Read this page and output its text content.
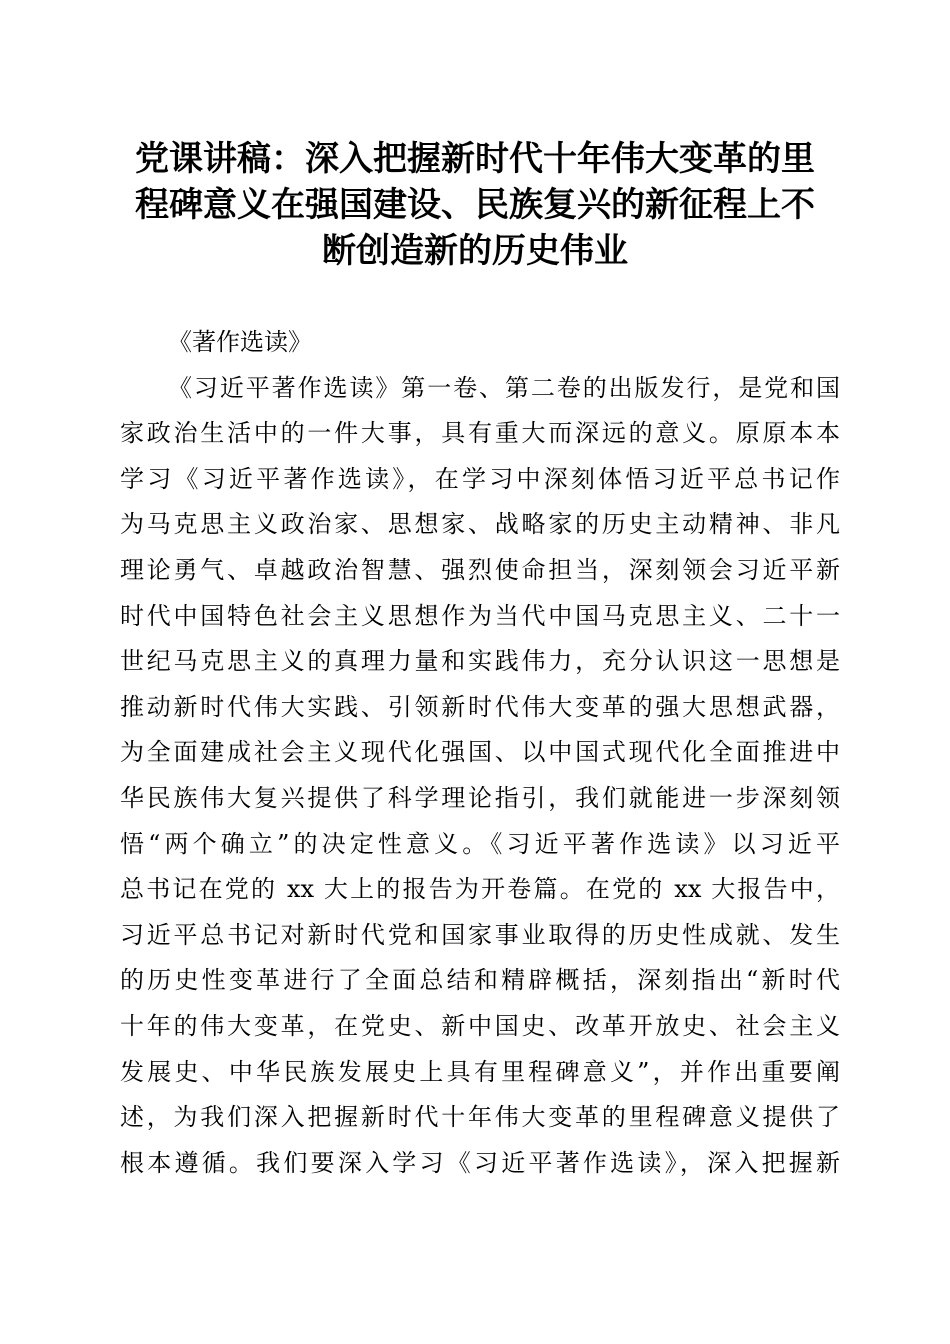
党课讲稿：深入把握新时代十年伟大变革的里
程碑意义在强国建设、民族复兴的新征程上不
断创造新的历史伟业

《著作选读》

《习近平著作选读》第一卷、第二卷的出版发行，是党和国
家政治生活中的一件大事，具有重大而深远的意义。原原本本
学习《习近平著作选读》，在学习中深刻体悟习近平总书记作
为马克思主义政治家、思想家、战略家的历史主动精神、非凡
理论勇气、卓越政治智慧、强烈使命担当，深刻领会习近平新
时代中国特色社会主义思想作为当代中国马克思主义、二十一
世纪马克思主义的真理力量和实践伟力，充分认识这一思想是
推动新时代伟大实践、引领新时代伟大变革的强大思想武器，
为全面建成社会主义现代化强国、以中国式现代化全面推进中
华民族伟大复兴提供了科学理论指引，我们就能进一步深刻领
悟“两个确立”的决定性意义。《习近平著作选读》以习近平
总书记在党的 xx 大上的报告为开卷篇。在党的 xx 大报告中，
习近平总书记对新时代党和国家事业取得的历史性成就、发生
的历史性变革进行了全面总结和精辟概括，深刻指出“新时代
十年的伟大变革，在党史、新中国史、改革开放史、社会主义
发展史、中华民族发展史上具有里程碑意义”，并作出重要阐
述，为我们深入把握新时代十年伟大变革的里程碑意义提供了
根本遵循。我们要深入学习《习近平著作选读》，深入把握新
